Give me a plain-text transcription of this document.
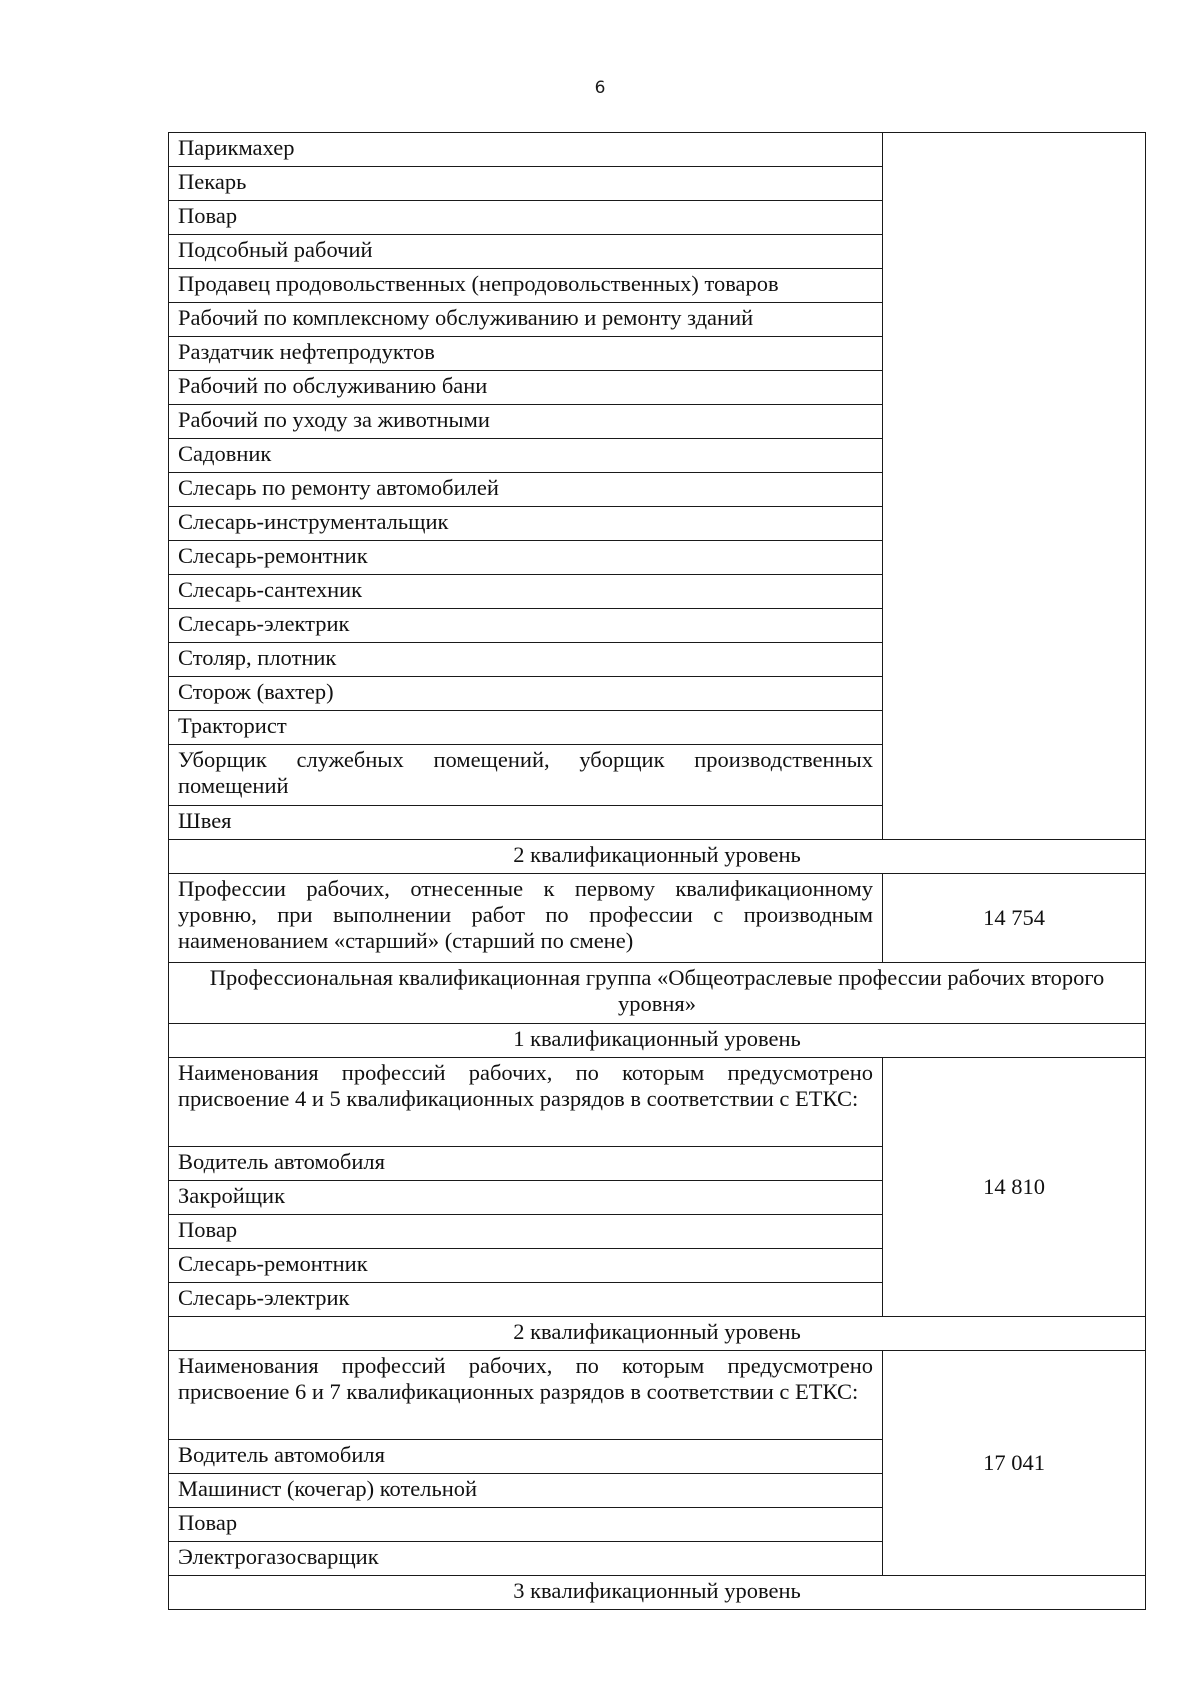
6
Парикмахер	
Пекарь	
Повар	
Подсобный рабочий	
Продавец продовольственных (непродовольственных) товаров	
Рабочий по комплексному обслуживанию и ремонту зданий	
Раздатчик нефтепродуктов	
Рабочий по обслуживанию бани	
Рабочий по уходу за животными	
Садовник	
Слесарь по ремонту автомобилей	
Слесарь-инструментальщик	
Слесарь-ремонтник	
Слесарь-сантехник	
Слесарь-электрик	
Столяр, плотник	
Сторож (вахтер)	
Тракторист	
Уборщик служебных помещений, уборщик производственных помещений	
Швея	
2 квалификационный уровень	
Профессии рабочих, отнесенные к первому квалификационному уровню, при выполнении работ по профессии с производным наименованием «старший» (старший по смене)	14 754
Профессиональная квалификационная группа «Общеотраслевые профессии рабочих второго уровня»	
1 квалификационный уровень	
Наименования профессий рабочих, по которым предусмотрено присвоение 4 и 5 квалификационных разрядов в соответствии с ЕТКС:	14 810
Водитель автомобиля	
Закройщик	
Повар	
Слесарь-ремонтник	
Слесарь-электрик	
2 квалификационный уровень	
Наименования профессий рабочих, по которым предусмотрено присвоение 6 и 7 квалификационных разрядов в соответствии с ЕТКС:	17 041
Водитель автомобиля	
Машинист (кочегар) котельной	
Повар	
Электрогазосварщик	
3 квалификационный уровень	
